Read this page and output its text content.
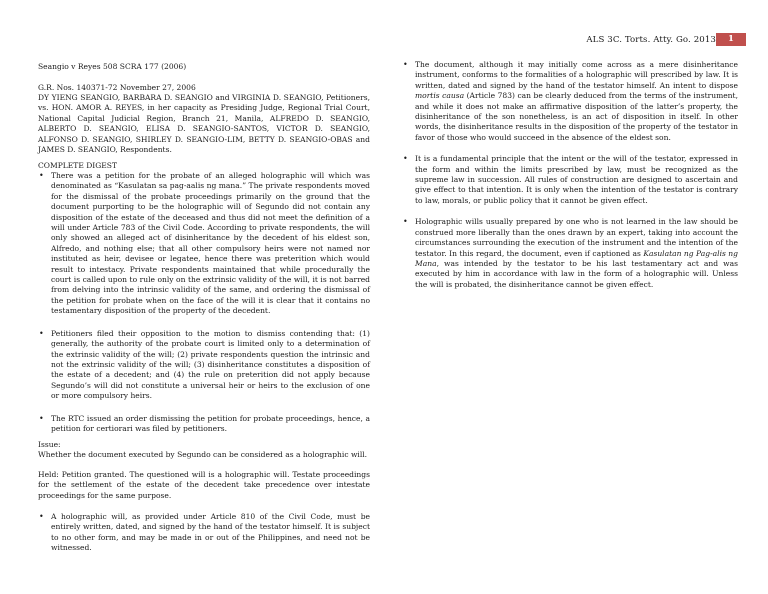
ALS 3C. Torts. Atty. Go. 2013	1
Seangio v Reyes 508 SCRA 177 (2006)
G.R. Nos. 140371-72 November 27, 2006
DY YIENG SEANGIO, BARBARA D. SEANGIO and VIRGINIA D. SEANGIO, Petitioners, vs. HON. AMOR A. REYES, in her capacity as Presiding Judge, Regional Trial Court, National Capital Judicial Region, Branch 21, Manila, ALFREDO D. SEANGIO, ALBERTO D. SEANGIO, ELISA D. SEANGIO-SANTOS, VICTOR D. SEANGIO, ALFONSO D. SEANGIO, SHIRLEY D. SEANGIO-LIM, BETTY D. SEANGIO-OBAS and JAMES D. SEANGIO, Respondents.
COMPLETE DIGEST
• There was a petition for the probate of an alleged holographic will which was denominated as “Kasulatan sa pag-aalis ng mana.” The private respondents moved for the dismissal of the probate proceedings primarily on the ground that the document purporting to be the holographic will of Segundo did not contain any disposition of the estate of the deceased and thus did not meet the definition of a will under Article 783 of the Civil Code. According to private respondents, the will only showed an alleged act of disinheritance by the decedent of his eldest son, Alfredo, and nothing else; that all other compulsory heirs were not named nor instituted as heir, devisee or legatee, hence there was preterition which would result to intestacy. Private respondents maintained that while procedurally the court is called upon to rule only on the extrinsic validity of the will, it is not barred from delving into the intrinsic validity of the same, and ordering the dismissal of the petition for probate when on the face of the will it is clear that it contains no testamentary disposition of the property of the decedent.
• Petitioners filed their opposition to the motion to dismiss contending that: (1) generally, the authority of the probate court is limited only to a determination of the extrinsic validity of the will; (2) private respondents question the intrinsic and not the extrinsic validity of the will; (3) disinheritance constitutes a disposition of the estate of a decedent; and (4) the rule on preterition did not apply because Segundo’s will did not constitute a universal heir or heirs to the exclusion of one or more compulsory heirs.
• The RTC issued an order dismissing the petition for probate proceedings, hence, a petition for certiorari was filed by petitioners.
Issue:
Whether the document executed by Segundo can be considered as a holographic will.
Held: Petition granted. The questioned will is a holographic will. Testate proceedings for the settlement of the estate of the decedent take precedence over intestate proceedings for the same purpose.
• A holographic will, as provided under Article 810 of the Civil Code, must be entirely written, dated, and signed by the hand of the testator himself. It is subject to no other form, and may be made in or out of the Philippines, and need not be witnessed.
• The document, although it may initially come across as a mere disinheritance instrument, conforms to the formalities of a holographic will prescribed by law. It is written, dated and signed by the hand of the testator himself. An intent to dispose mortis causa (Article 783) can be clearly deduced from the terms of the instrument, and while it does not make an affirmative disposition of the latter’s property, the disinheritance of the son nonetheless, is an act of disposition in itself. In other words, the disinheritance results in the disposition of the property of the testator in favor of those who would succeed in the absence of the eldest son.
• It is a fundamental principle that the intent or the will of the testator, expressed in the form and within the limits prescribed by law, must be recognized as the supreme law in succession. All rules of construction are designed to ascertain and give effect to that intention. It is only when the intention of the testator is contrary to law, morals, or public policy that it cannot be given effect.
• Holographic wills usually prepared by one who is not learned in the law should be construed more liberally than the ones drawn by an expert, taking into account the circumstances surrounding the execution of the instrument and the intention of the testator. In this regard, the document, even if captioned as Kasulatan ng Pag-alis ng Mana, was intended by the testator to be his last testamentary act and was executed by him in accordance with law in the form of a holographic will. Unless the will is probated, the disinheritance cannot be given effect.
